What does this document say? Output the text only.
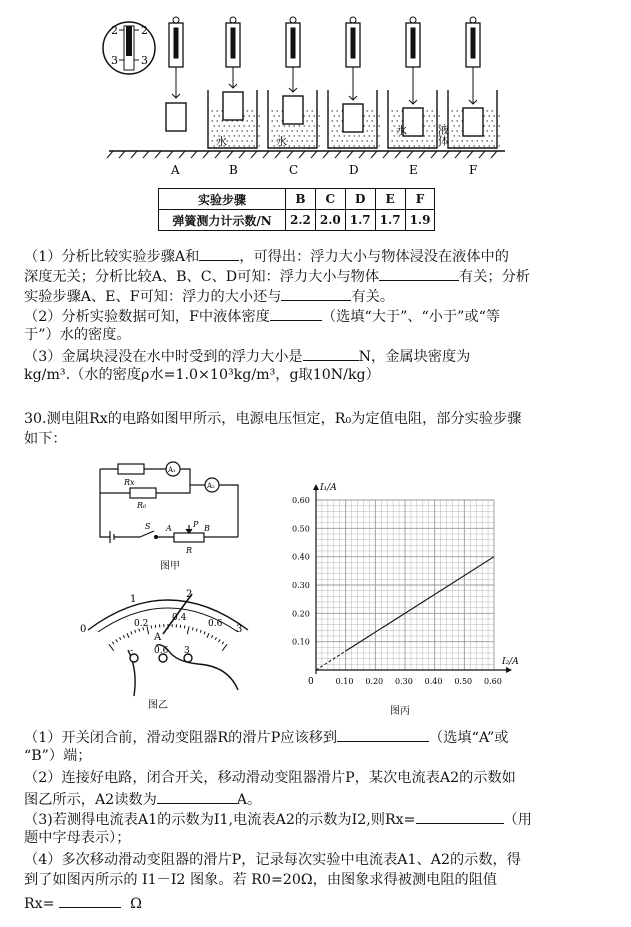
2
3
2
3
水	水
水	液体
A	B	C	D	E	F
实验步骤	B	C	D	E	F
弹簧测力计示数/N	2.2	2.0	1.7	1.7	1.9
（1）分析比较实验步骤A和	，可得出：浮力大小与物体浸没在液体中的
深度无关；分析比较A、B、C、D可知：浮力大小与物体	有关；分析
实验步骤A、E、F可知：浮力的大小还与	有关。
（2）分析实验数据可知，F中液体密度	（选填“大于”、“小于”或“等
于”）水的密度。
（3）金属块浸没在水中时受到的浮力大小是	N，金属块密度为
kg/m³.（水的密度ρ水=1.0×10³kg/m³，g取10N/kg）
30.测电阻Rx的电路如图甲所示，电源电压恒定，R₀为定值电阻，部分实验步骤
如下：
Rx
R₀
A₁
A₂
S A	P B
R
图甲
0
1	2
3
0.2
0.4
0.6
A
- 0.6 3
图乙
0.10 0.20 0.30 0.40 0.50 0.60
0.10
0.20
0.30
0.40
0.50
0.60
I₁/A
I₂/A
0
图丙
（1）开关闭合前，滑动变阻器R的滑片P应该移到	（选填“A”或
“B”）端；
（2）连接好电路，闭合开关，移动滑动变阻器滑片P，某次电流表A2的示数如
图乙所示，A2读数为	A。
（3)若测得电流表A1的示数为I1,电流表A2的示数为I2,则Rx=	（用
题中字母表示）；
（4）多次移动滑动变阻器的滑片P，记录每次实验中电流表A1、A2的示数，得
到了如图丙所示的 I1－I2 图象。若 R0=20Ω，由图象求得被测电阻的阻值
Rx=	Ω
